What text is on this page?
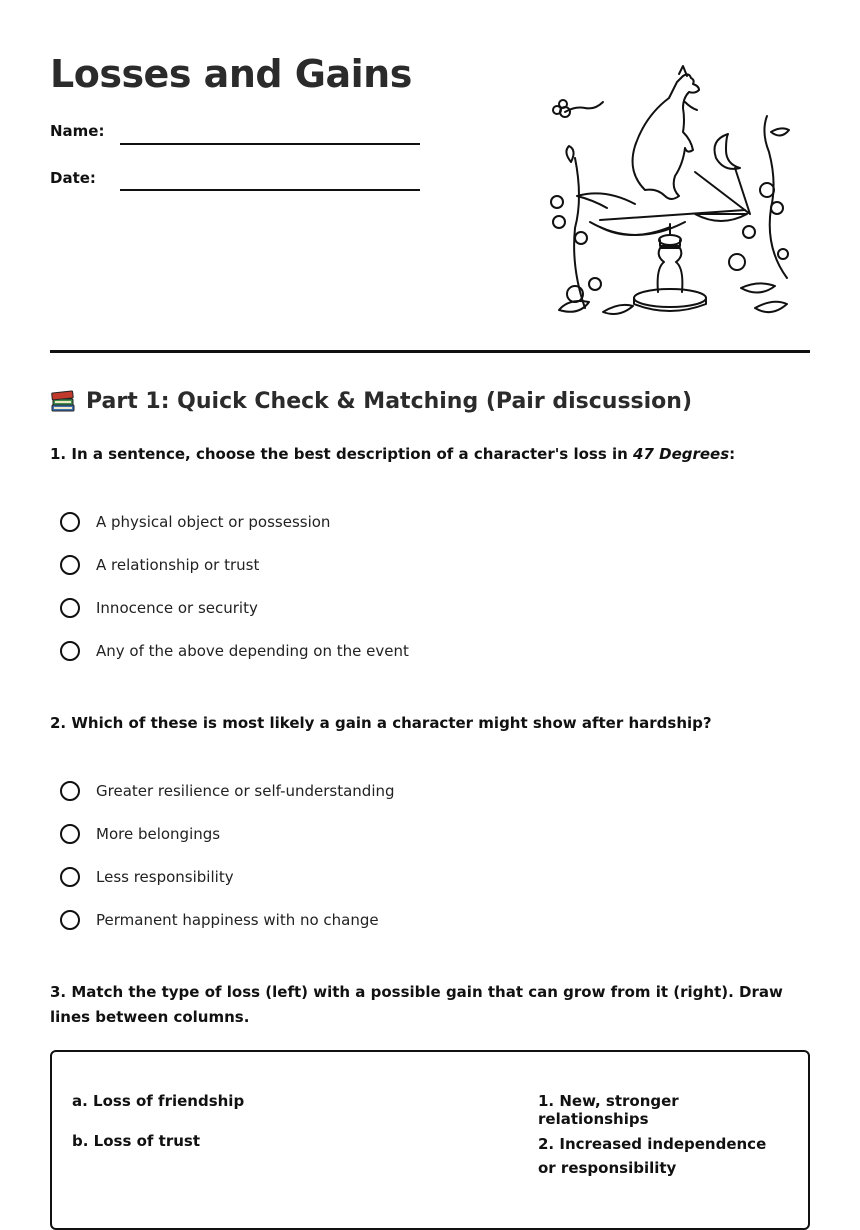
Losses and Gains
Name:
Date:
Part 1: Quick Check & Matching (Pair discussion)
1. In a sentence, choose the best description of a character's loss in 47 Degrees:
A physical object or possession
A relationship or trust
Innocence or security
Any of the above depending on the event
2. Which of these is most likely a gain a character might show after hardship?
Greater resilience or self-understanding
More belongings
Less responsibility
Permanent happiness with no change
3. Match the type of loss (left) with a possible gain that can grow from it (right). Draw lines between columns.
a. Loss of friendship
b. Loss of trust
1. New, stronger relationships
2. Increased independence or responsibility
